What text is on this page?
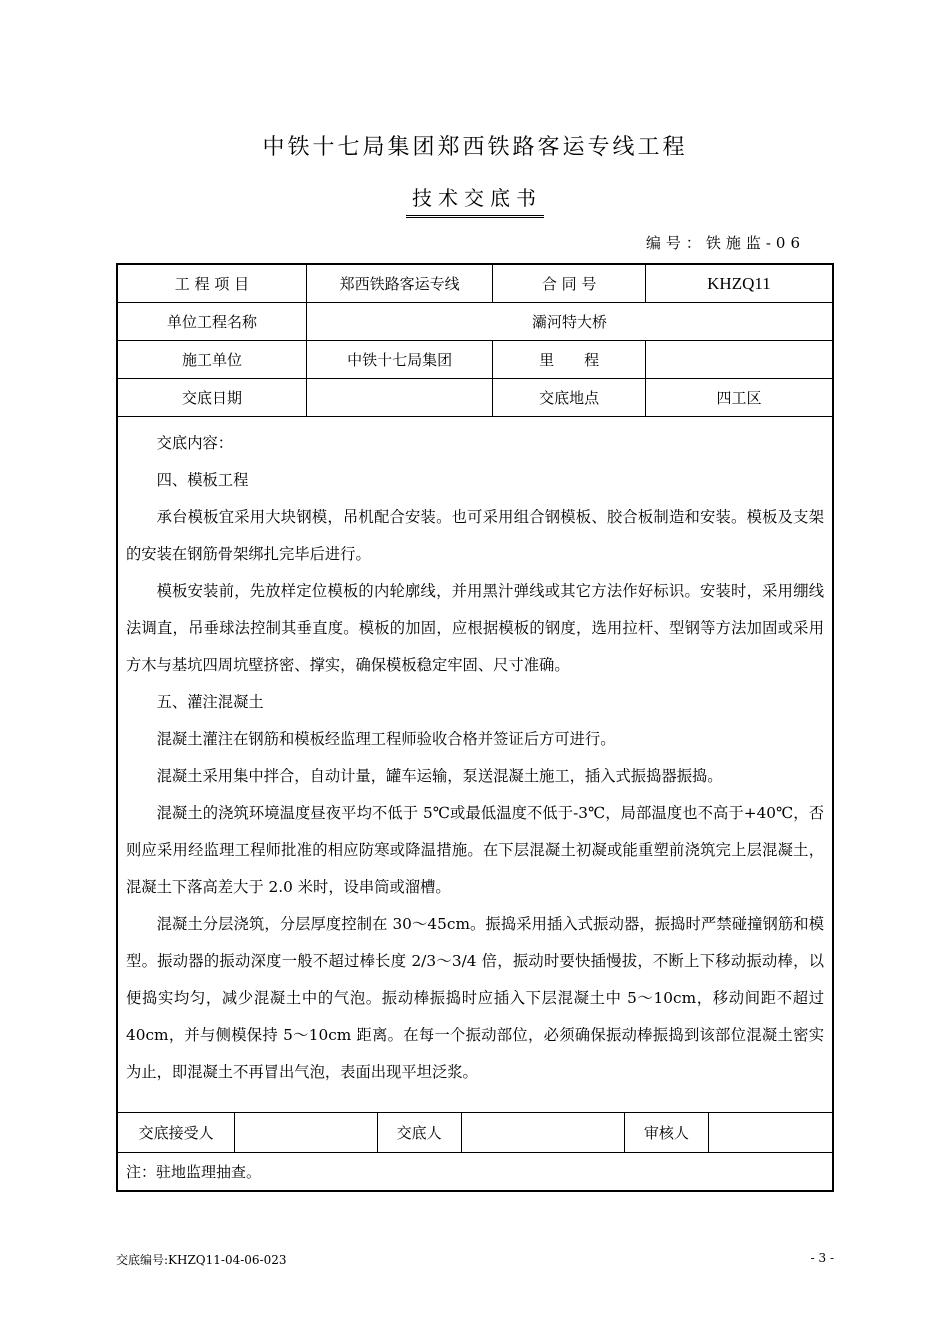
中铁十七局集团郑西铁路客运专线工程
技术交底书
编号：铁施监-06
工 程 项 目	郑西铁路客运专线	合 同 号	KHZQ11
单位工程名称	灞河特大桥		
施工单位	中铁十七局集团	里　　程	
交底日期		交底地点	四工区

交底内容：

四、模板工程

承台模板宜采用大块钢模，吊机配合安装。也可采用组合钢模板、胶合板制造和安装。模板及支架的安装在钢筋骨架绑扎完毕后进行。

模板安装前，先放样定位模板的内轮廓线，并用黑汁弹线或其它方法作好标识。安装时，采用绷线法调直，吊垂球法控制其垂直度。模板的加固，应根据模板的钢度，选用拉杆、型钢等方法加固或采用方木与基坑四周坑壁挤密、撑实，确保模板稳定牢固、尺寸准确。

五、灌注混凝土

混凝土灌注在钢筋和模板经监理工程师验收合格并签证后方可进行。

混凝土采用集中拌合，自动计量，罐车运输，泵送混凝土施工，插入式振捣器振捣。

混凝土的浇筑环境温度昼夜平均不低于 5℃或最低温度不低于-3℃，局部温度也不高于+40℃，否则应采用经监理工程师批准的相应防寒或降温措施。在下层混凝土初凝或能重塑前浇筑完上层混凝土，混凝土下落高差大于 2.0 米时，设串筒或溜槽。

混凝土分层浇筑，分层厚度控制在 30～45cm。振捣采用插入式振动器，振捣时严禁碰撞钢筋和模型。振动器的振动深度一般不超过棒长度 2/3～3/4 倍，振动时要快插慢拔，不断上下移动振动棒，以便捣实均匀，减少混凝土中的气泡。振动棒振捣时应插入下层混凝土中 5～10cm，移动间距不超过 40cm，并与侧模保持 5～10cm 距离。在每一个振动部位，必须确保振动棒振捣到该部位混凝土密实为止，即混凝土不再冒出气泡，表面出现平坦泛浆。

交底接受人		交底人		审核人	
注：驻地监理抽查。
交底编号:KHZQ11-04-06-023	- 3 -
